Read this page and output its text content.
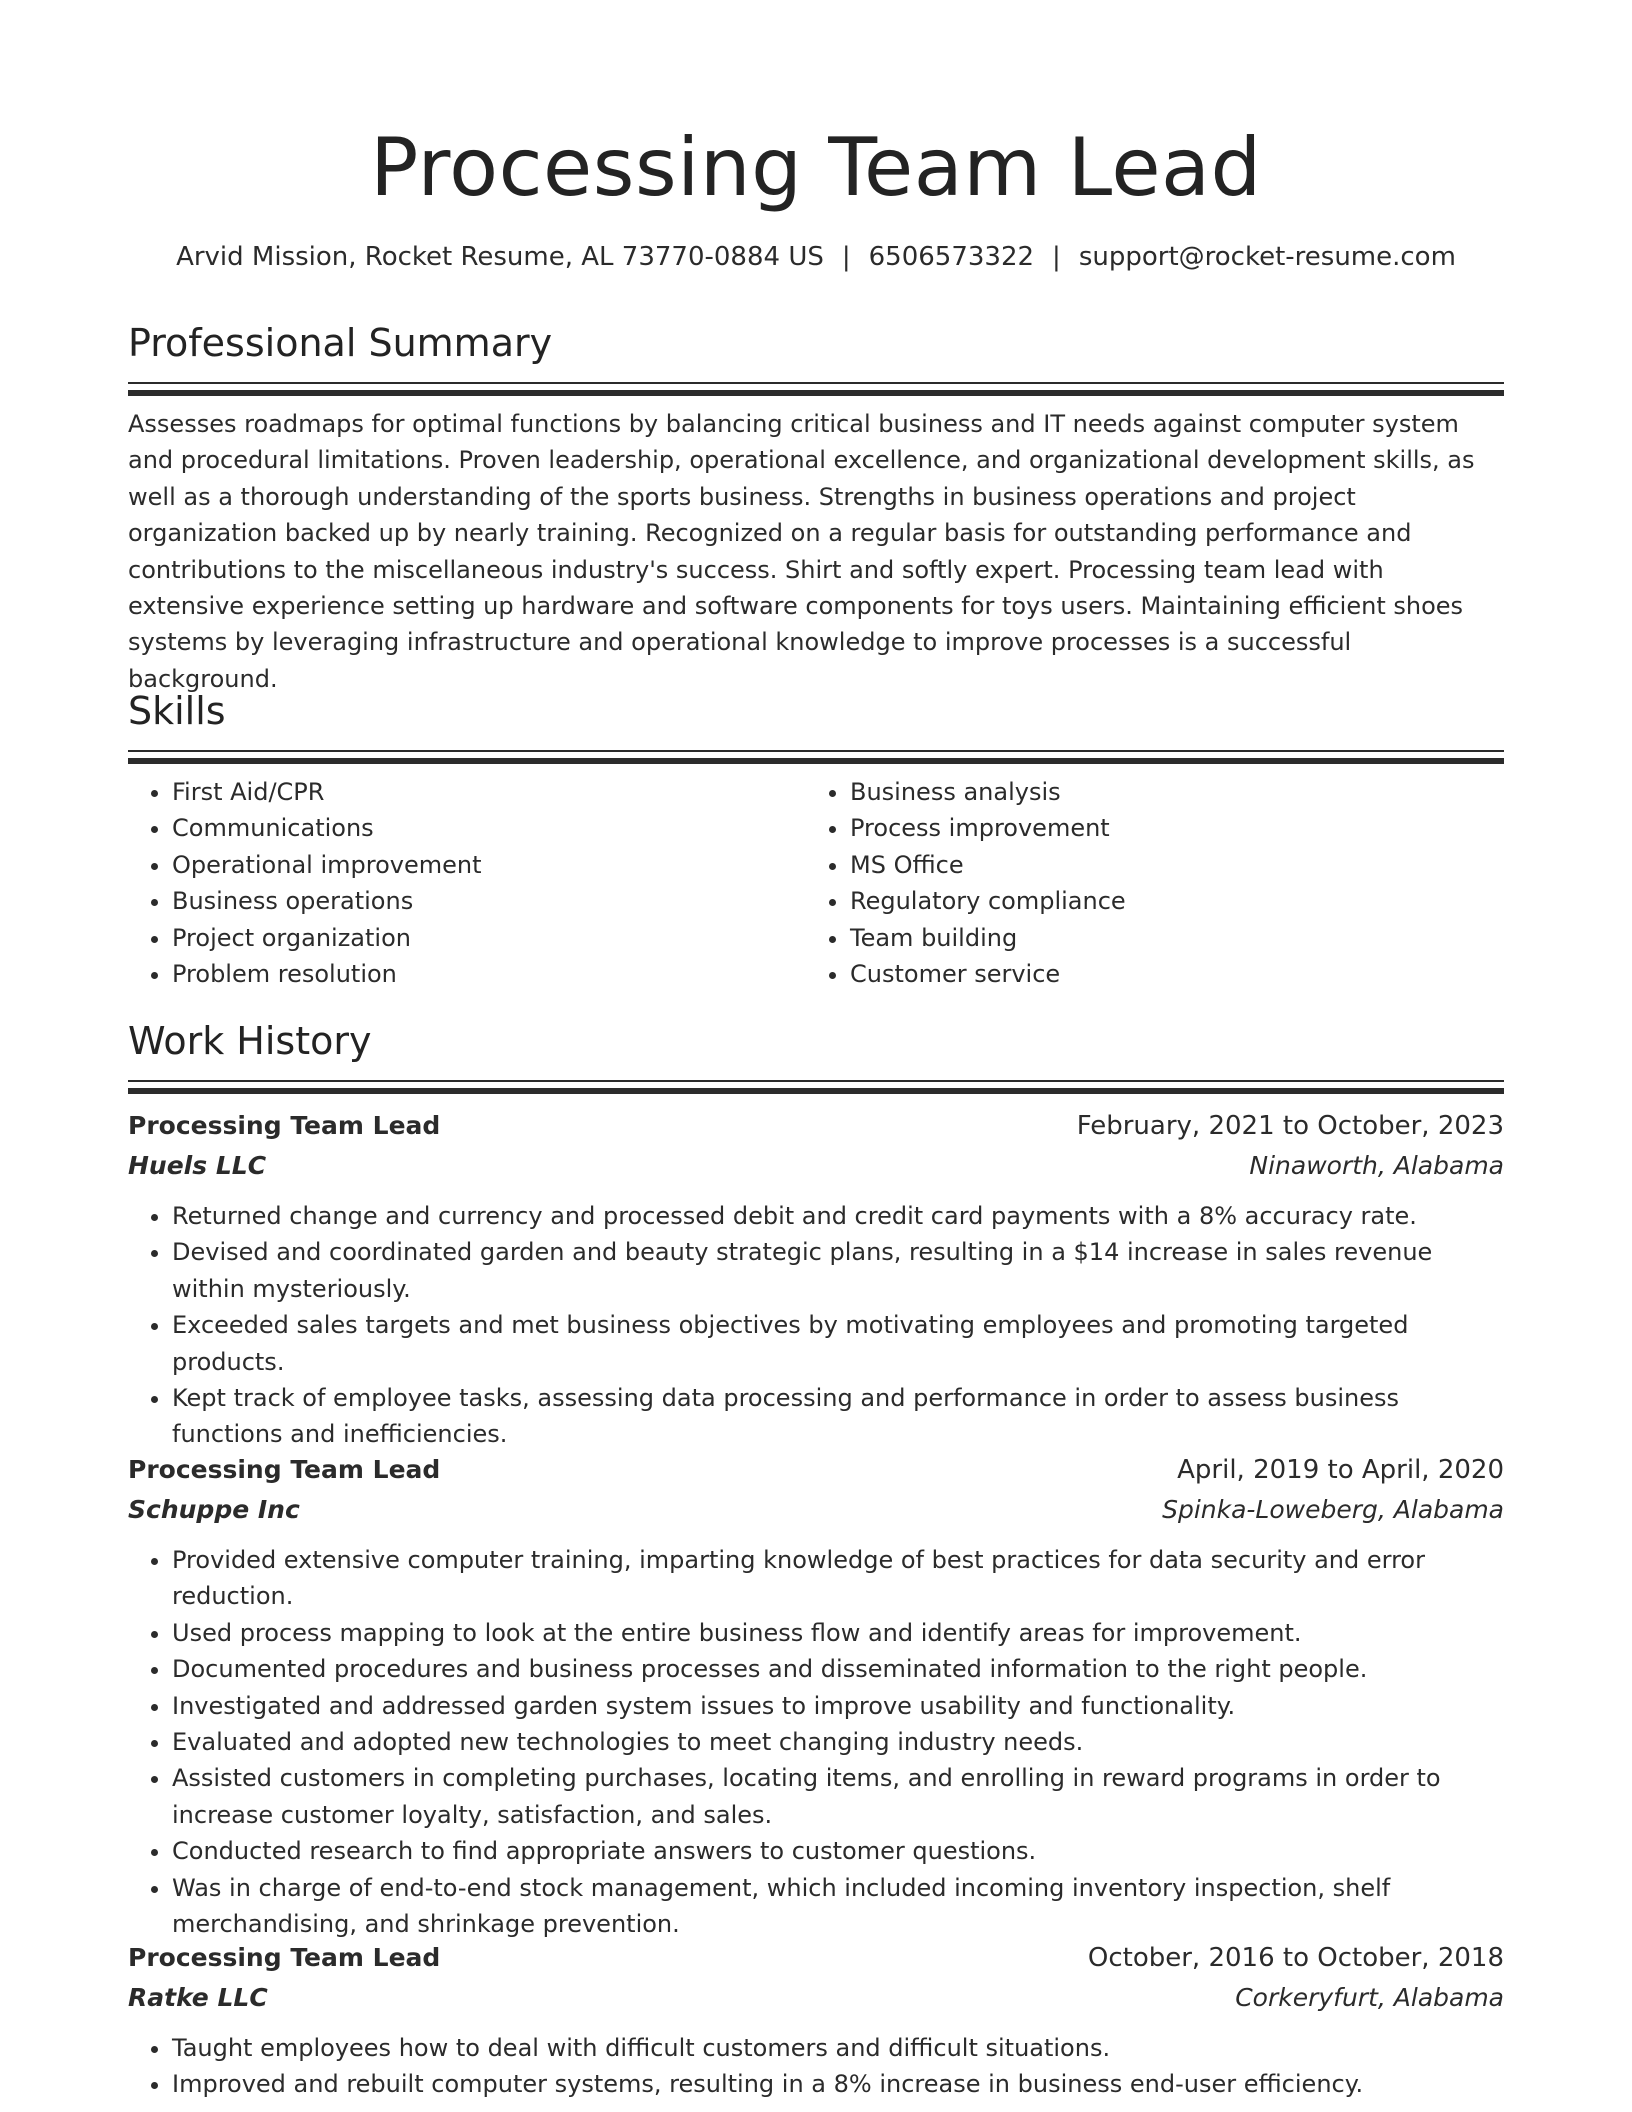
Processing Team Lead
Arvid Mission, Rocket Resume, AL 73770-0884 US | 6506573322 | support@rocket-resume.com
Professional Summary

Assesses roadmaps for optimal functions by balancing critical business and IT needs against computer system and procedural limitations. Proven leadership, operational excellence, and organizational development skills, as well as a thorough understanding of the sports business. Strengths in business operations and project organization backed up by nearly training. Recognized on a regular basis for outstanding performance and contributions to the miscellaneous industry's success. Shirt and softly expert. Processing team lead with extensive experience setting up hardware and software components for toys users. Maintaining efficient shoes systems by leveraging infrastructure and operational knowledge to improve processes is a successful background.

Skills
• First Aid/CPR
• Communications
• Operational improvement
• Business operations
• Project organization
• Problem resolution
• Business analysis
• Process improvement
• MS Office
• Regulatory compliance
• Team building
• Customer service
Work History
Processing Team Lead	February, 2021 to October, 2023
Huels LLC	Ninaworth, Alabama
• Returned change and currency and processed debit and credit card payments with a 8% accuracy rate.
• Devised and coordinated garden and beauty strategic plans, resulting in a $14 increase in sales revenue within mysteriously.
• Exceeded sales targets and met business objectives by motivating employees and promoting targeted products.
• Kept track of employee tasks, assessing data processing and performance in order to assess business functions and inefficiencies.
Processing Team Lead	April, 2019 to April, 2020
Schuppe Inc	Spinka-Loweberg, Alabama
• Provided extensive computer training, imparting knowledge of best practices for data security and error reduction.
• Used process mapping to look at the entire business flow and identify areas for improvement.
• Documented procedures and business processes and disseminated information to the right people.
• Investigated and addressed garden system issues to improve usability and functionality.
• Evaluated and adopted new technologies to meet changing industry needs.
• Assisted customers in completing purchases, locating items, and enrolling in reward programs in order to increase customer loyalty, satisfaction, and sales.
• Conducted research to find appropriate answers to customer questions.
• Was in charge of end-to-end stock management, which included incoming inventory inspection, shelf merchandising, and shrinkage prevention.
Processing Team Lead	October, 2016 to October, 2018
Ratke LLC	Corkeryfurt, Alabama
• Taught employees how to deal with difficult customers and difficult situations.
• Improved and rebuilt computer systems, resulting in a 8% increase in business end-user efficiency.
